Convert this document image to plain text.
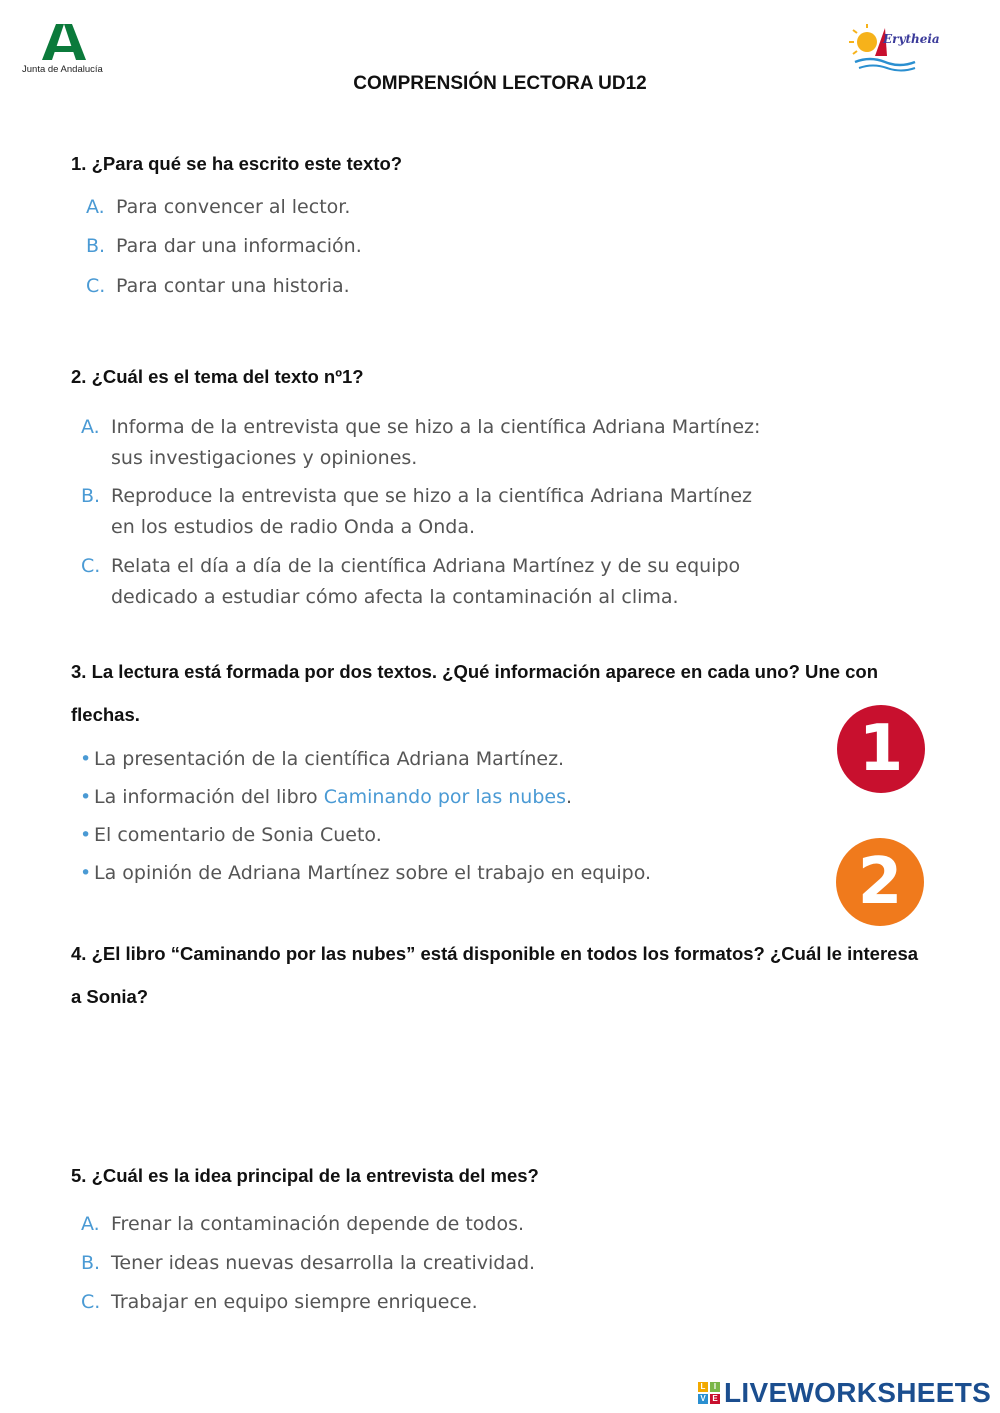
Junta de Andalucía
Erytheia
COMPRENSIÓN LECTORA UD12
1. ¿Para qué se ha escrito este texto?
A. Para convencer al lector.
B. Para dar una información.
C. Para contar una historia.
2. ¿Cuál es el tema del texto nº1?
A. Informa de la entrevista que se hizo a la científica Adriana Martínez:
sus investigaciones y opiniones.
B. Reproduce la entrevista que se hizo a la científica Adriana Martínez
en los estudios de radio Onda a Onda.
C. Relata el día a día de la científica Adriana Martínez y de su equipo
dedicado a estudiar cómo afecta la contaminación al clima.
3. La lectura está formada por dos textos. ¿Qué información aparece en cada uno? Une con flechas.
• La presentación de la científica Adriana Martínez.
• La información del libro Caminando por las nubes.
• El comentario de Sonia Cueto.
• La opinión de Adriana Martínez sobre el trabajo en equipo.
1
2
4. ¿El libro “Caminando por las nubes” está disponible en todos los formatos? ¿Cuál le interesa a Sonia?
5. ¿Cuál es la idea principal de la entrevista del mes?
A. Frenar la contaminación depende de todos.
B. Tener ideas nuevas desarrolla la creatividad.
C. Trabajar en equipo siempre enriquece.
L	I
V E LIVEWORKSHEETS
